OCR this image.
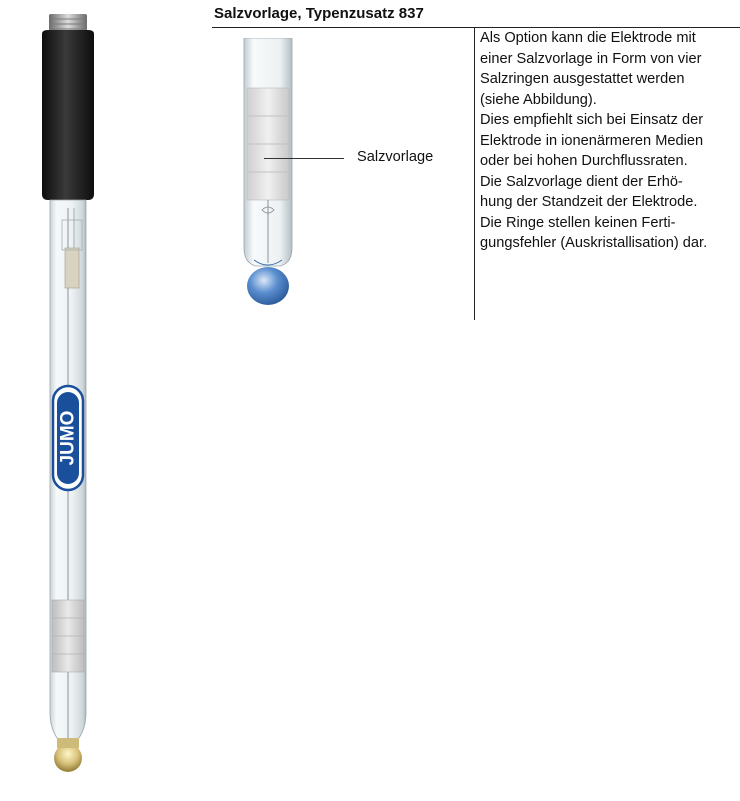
Salzvorlage, Typenzusatz 837
Als Option kann die Elektrode mit
einer Salzvorlage in Form von vier
Salzringen ausgestattet werden
(siehe Abbildung).
Dies empfiehlt sich bei Einsatz der
Elektrode in ionenärmeren Medien
oder bei hohen Durchflussraten.
Die Salzvorlage dient der Erhö-
hung der Standzeit der Elektrode.
Die Ringe stellen keinen Ferti-
gungsfehler (Auskristallisation) dar.
JUMO
Salzvorlage
